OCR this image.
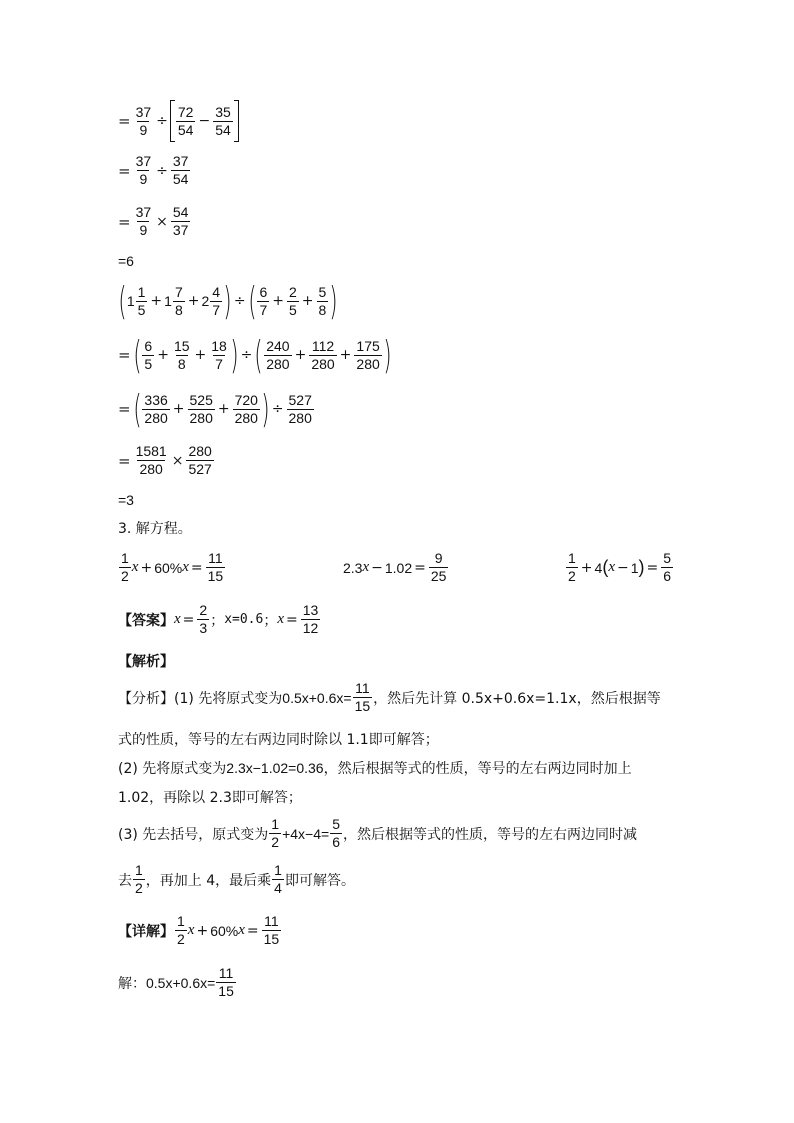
= $\frac{37}{9} \div \frac{72}{54} - \frac{35}{54}$
= $\frac{37}{9} \div \frac{37}{54}$
= $\frac{37}{9} \times \frac{54}{37}$
=6
( $1 \frac{1}{5} + 1 \frac{7}{8} + 2 \frac{4}{7}$ ) ÷ ( $\frac{6}{7} + \frac{2}{5} + \frac{5}{8}$ )
= ( $\frac{6}{5} + \frac{15}{8} + \frac{18}{7}$ ) ÷ ( $\frac{240}{280} + \frac{112}{280} + \frac{175}{280}$ )
= ( $\frac{336}{280} + \frac{525}{280} + \frac{720}{280}$ ) ÷ $\frac{527}{280}$
= $\frac{1581}{280} \times \frac{280}{527}$
=3
3. 解方程。
$\frac{1}{2}$ x + 60% $x = \frac{11}{15}$	2.3 $x - 1.02 = \frac{9}{25}$	$\frac{1}{2} + 4$ ( x − 1 ) = $\frac{5}{6}$
【答案】 $x = \frac{2}{3}$ ； x=0.6 ； $x = \frac{13}{12}$
【解析】
【分析】(1) 先将原式变为 $0.5x+0.6x= \frac{11}{15}$ ，然后先计算 0.5x+0.6x=1.1x，然后根据等
式的性质，等号的左右两边同时除以 1.1即可解答；
(2) 先将原式变为 2.3x−1.02=0.36 ，然后根据等式的性质，等号的左右两边同时加上
1.02，再除以 2.3即可解答；
(3) 先去括号，原式变为 $\frac{1}{2} +4x-4= \frac{5}{6}$ ，然后根据等式的性质，等号的左右两边同时减
去 $\frac{1}{2}$ ，再加上 4，最后乘 $\frac{1}{4}$ 即可解答。
【详解】 $\frac{1}{2}$ x + 60% $x = \frac{11}{15}$
解： $0.5x+0.6x= \frac{11}{15}$
